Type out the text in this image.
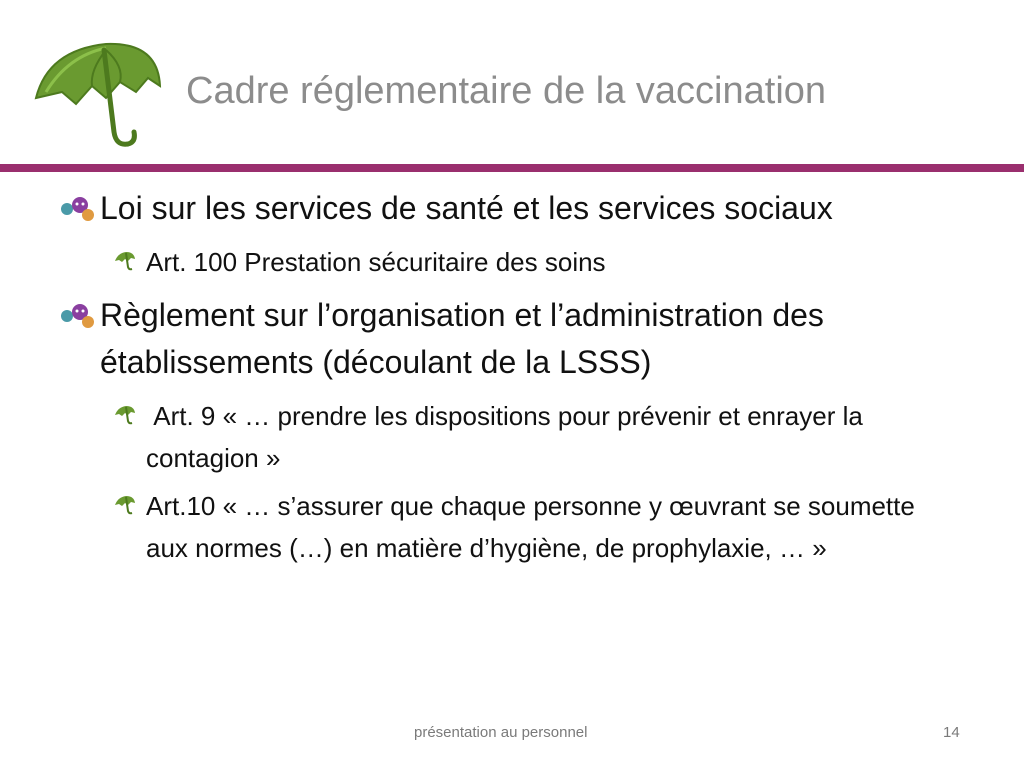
Cadre réglementaire de la vaccination
Loi sur les services de santé et les services sociaux
Art. 100 Prestation sécuritaire des soins
Règlement sur l’organisation et l’administration des établissements (découlant de la LSSS)
Art. 9 « … prendre les dispositions pour prévenir et enrayer la contagion »
Art.10 « … s’assurer que chaque personne y œuvrant se soumette aux normes (…) en matière d’hygiène, de prophylaxie, … »
présentation au personnel	14
